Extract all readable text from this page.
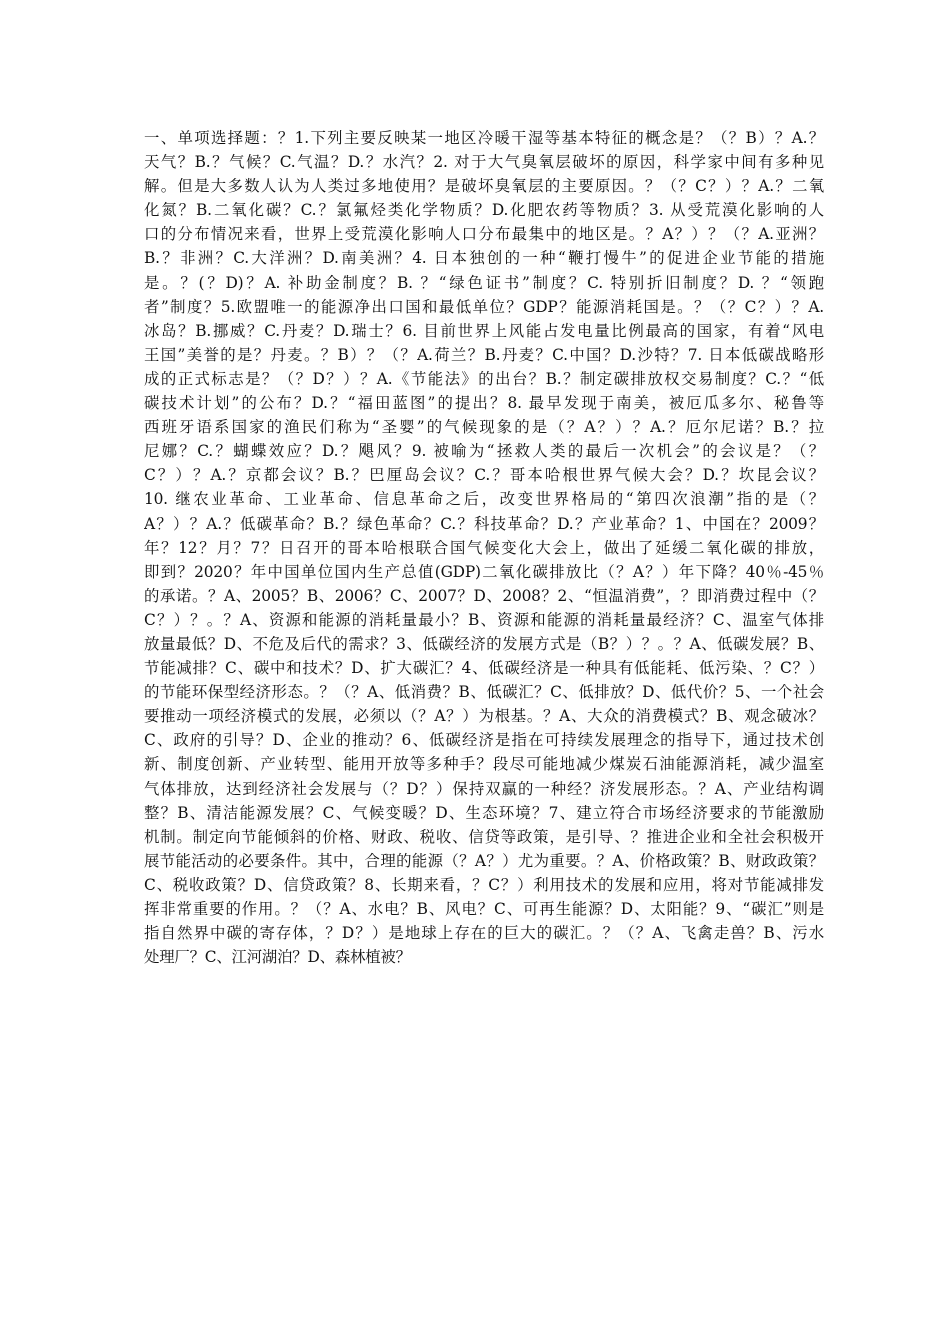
一、单项选择题：？1.下列主要反映某一地区冷暖干湿等基本特征的概念是？（？B）？A.？
天气？B.？气候？C.气温？D.？水汽？2. 对于大气臭氧层破坏的原因，科学家中间有多种见
解。但是大多数人认为人类过多地使用？是破坏臭氧层的主要原因。？（？C？）？A.？二氧
化氮？B.二氧化碳？C.？氯氟烃类化学物质？D.化肥农药等物质？3. 从受荒漠化影响的人
口的分布情况来看，世界上受荒漠化影响人口分布最集中的地区是。？A？）？（？A.亚洲？
B.？非洲？C.大洋洲？D.南美洲？4. 日本独创的一种“鞭打慢牛”的促进企业节能的措施
是。？(？D)？A. 补助金制度？B. ？“绿色证书”制度？C. 特别折旧制度？D. ？“领跑
者”制度？5.欧盟唯一的能源净出口国和最低单位？GDP？能源消耗国是。？（？C？）？A.
冰岛？B.挪威？C.丹麦？D.瑞士？6. 目前世界上风能占发电量比例最高的国家，有着“风电
王国”美誉的是？丹麦。？B）？（？A.荷兰？B.丹麦？C.中国？D.沙特？7. 日本低碳战略形
成的正式标志是？（？D？）？A.《节能法》的出台？B.？制定碳排放权交易制度？C.？“低
碳技术计划”的公布？D.？“福田蓝图”的提出？8. 最早发现于南美，被厄瓜多尔、秘鲁等
西班牙语系国家的渔民们称为“圣婴”的气候现象的是（？A？）？A.？厄尔尼诺？B.？拉
尼娜？C.？蝴蝶效应？D.？飓风？9. 被喻为“拯救人类的最后一次机会”的会议是？（？
C？）？A.？京都会议？B.？巴厘岛会议？C.？哥本哈根世界气候大会？D.？坎昆会议？
10. 继农业革命、工业革命、信息革命之后，改变世界格局的“第四次浪潮”指的是（？
A？）？A.？低碳革命？B.？绿色革命？C.？科技革命？D.？产业革命？1、中国在？2009？
年？12？月？7？日召开的哥本哈根联合国气候变化大会上，做出了延缓二氧化碳的排放，
即到？2020？年中国单位国内生产总值(GDP)二氧化碳排放比（？A？）年下降？40％-45％
的承诺。？A、2005？B、2006？C、2007？D、2008？2、“恒温消费”，？即消费过程中（？
C？）？。？A、资源和能源的消耗量最小？B、资源和能源的消耗量最经济？C、温室气体排
放量最低？D、不危及后代的需求？3、低碳经济的发展方式是（B？）？。？A、低碳发展？B、
节能减排？C、碳中和技术？D、扩大碳汇？4、低碳经济是一种具有低能耗、低污染、？C？）
的节能环保型经济形态。？（？A、低消费？B、低碳汇？C、低排放？D、低代价？5、一个社会
要推动一项经济模式的发展，必须以（？A？）为根基。？A、大众的消费模式？B、观念破冰？
C、政府的引导？D、企业的推动？6、低碳经济是指在可持续发展理念的指导下，通过技术创
新、制度创新、产业转型、能用开放等多种手？段尽可能地减少煤炭石油能源消耗，减少温室
气体排放，达到经济社会发展与（？D？）保持双赢的一种经？济发展形态。？A、产业结构调
整？B、清洁能源发展？C、气候变暖？D、生态环境？7、建立符合市场经济要求的节能激励
机制。制定向节能倾斜的价格、财政、税收、信贷等政策，是引导、？推进企业和全社会积极开
展节能活动的必要条件。其中，合理的能源（？A？）尤为重要。？A、价格政策？B、财政政策？
C、税收政策？D、信贷政策？8、长期来看，？C？）利用技术的发展和应用，将对节能减排发
挥非常重要的作用。？（？A、水电？B、风电？C、可再生能源？D、太阳能？9、“碳汇”则是
指自然界中碳的寄存体，？D？）是地球上存在的巨大的碳汇。？（？A、飞禽走兽？B、污水
处理厂？C、江河湖泊？D、森林植被？
